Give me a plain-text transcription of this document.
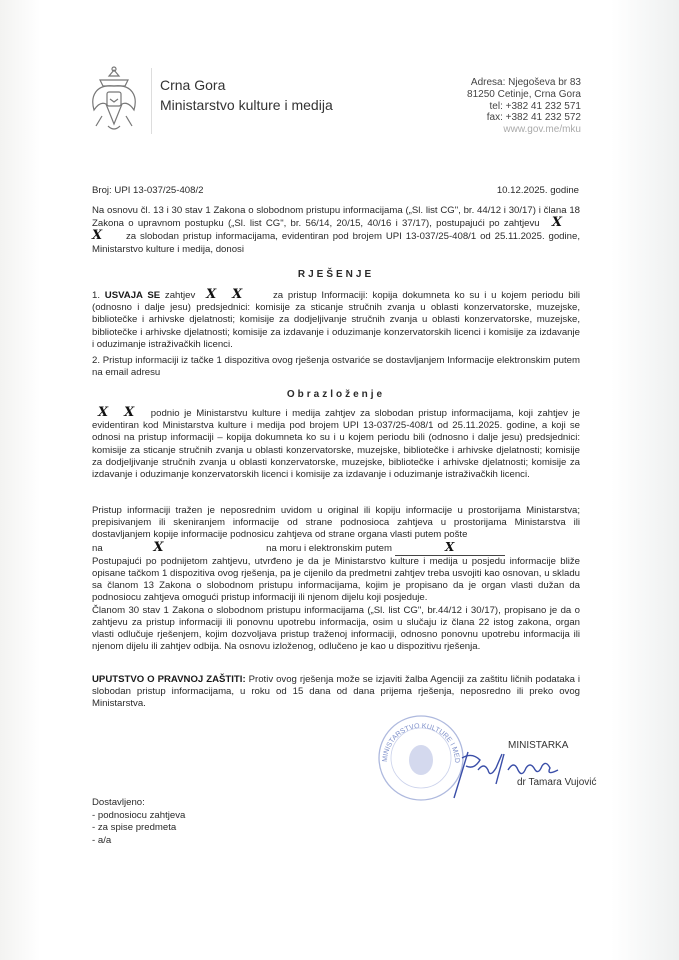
Crna Gora
Ministarstvo kulture i medija
Adresa: Njegoševa br 83
81250 Cetinje, Crna Gora
tel: +382 41 232 571
fax: +382 41 232 572
www.gov.me/mku
Broj: UPI 13-037/25-408/2	10.12.2025. godine
Na osnovu čl. 13 i 30 stav 1 Zakona o slobodnom pristupu informacijama („Sl. list CG", br. 44/12 i 30/17) i člana 18 Zakona o upravnom postupku („Sl. list CG", br. 56/14, 20/15, 40/16 i 37/17), postupajući po zahtjevu XX za slobodan pristup informacijama, evidentiran pod brojem UPI 13-037/25-408/1 od 25.11.2025. godine, Ministarstvo kulture i medija, donosi
RJEŠENJE
1. USVAJA SE zahtjev X X	za pristup Informaciji: kopija dokumneta ko su i u kojem periodu bili (odnosno i dalje jesu) predsjednici: komisije za sticanje stručnih zvanja u oblasti konzervatorske, muzejske, bibliotečke i arhivske djelatnosti; komisije za dodjeljivanje stručnih zvanja u oblasti konzervatorske, muzejske, bibliotečke i arhivske djelatnosti; komisije za izdavanje i oduzimanje konzervatorskih licenci i komisije za izdavanje i oduzimanje istraživačkih licenci.
2. Pristup informaciji iz tačke 1 dispozitiva ovog rješenja ostvariće se dostavljanjem Informacije elektronskim putem na email adresu
Obrazloženje
X X podnio je Ministarstvu kulture i medija zahtjev za slobodan pristup informacijama, koji zahtjev je evidentiran kod Ministarstva kulture i medija pod brojem UPI 13-037/25-408/1 od 25.11.2025. godine, a koji se odnosi na pristup informaciji – kopija dokumneta ko su i u kojem periodu bili (odnosno i dalje jesu) predsjednici: komisije za sticanje stručnih zvanja u oblasti konzervatorske, muzejske, bibliotečke i arhivske djelatnosti; komisije za dodjeljivanje stručnih zvanja u oblasti konzervatorske, muzejske, bibliotečke i arhivske djelatnosti; komisije za izdavanje i oduzimanje konzervatorskih licenci i komisije za izdavanje i oduzimanje istraživačkih licenci.
Pristup informaciji tražen je neposrednim uvidom u original ili kopiju informacije u prostorijama Ministarstva; prepisivanjem ili skeniranjem informacije od strane podnosioca zahtjeva u prostorijama Ministarstva ili dostavljanjem kopije informacije podnosicu zahtjeva od strane organa vlasti putem pošte
na	X	na moru i elektronskim putem	X
Postupajući po podnijetom zahtjevu, utvrđeno je da je Ministarstvo kulture i medija u posjedu informacije bliže opisane tačkom 1 dispozitiva ovog rješenja, pa je cijenilo da predmetni zahtjev treba usvojiti kao osnovan, u skladu sa članom 13 Zakona o slobodnom pristupu informacijama, kojim je propisano da je organ vlasti dužan da podnosiocu zahtjeva omogući pristup informaciji ili njenom dijelu koji posjeduje.
Članom 30 stav 1 Zakona o slobodnom pristupu informacijama („Sl. list CG", br.44/12 i 30/17), propisano je da o zahtjevu za pristup informaciji ili ponovnu upotrebu informacija, osim u slučaju iz člana 22 istog zakona, organ vlasti odlučuje rješenjem, kojim dozvoljava pristup traženoj informaciji, odnosno ponovnu upotrebu informacija ili njenom dijelu ili zahtjev odbija. Na osnovu izloženog, odlučeno je kao u dispozitivu rješenja.
UPUTSTVO O PRAVNOJ ZAŠTITI: Protiv ovog rješenja može se izjaviti žalba Agenciji za zaštitu ličnih podataka i slobodan pristup informacijama, u roku od 15 dana od dana prijema rješenja, neposredno ili preko ovog Ministarstva.
MINISTARSTVO KULTURE I MED
MINISTARKA
dr Tamara Vujović
Dostavljeno:
- podnosiocu zahtjeva
- za spise predmeta
- a/a
